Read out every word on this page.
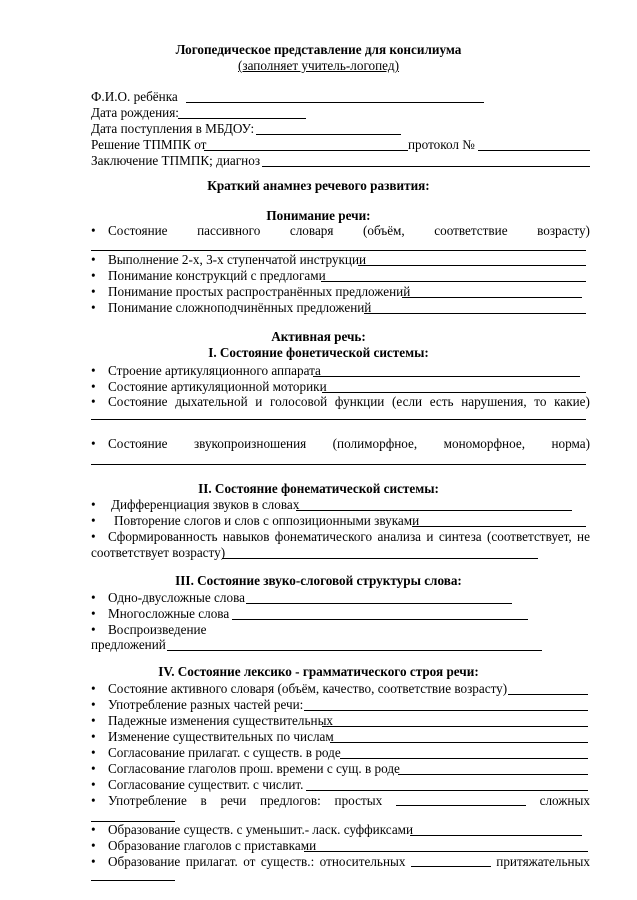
Логопедическое представление для консилиума
(заполняет учитель-логопед)
Ф.И.О. ребёнка
Дата рождения:
Дата поступления в МБДОУ:
Решение ТПМПК от	протокол №
Заключение ТПМПК; диагноз
Краткий анамнез речевого развития:
Понимание речи:
• Состояние пассивного словаря (объём, соответствие возрасту)
• Выполнение 2-х, 3-х ступенчатой инструкции
• Понимание конструкций с предлогами
• Понимание простых распространённых предложений
• Понимание сложноподчинённых предложений
Активная речь:
I. Состояние фонетической системы:
• Строение артикуляционного аппарата
• Состояние артикуляционной моторики
• Состояние дыхательной и голосовой функции (если есть нарушения, то какие)
• Состояние звукопроизношения (полиморфное, мономорфное, норма)
II. Состояние фонематической системы:
• Дифференциация звуков в словах
• Повторение слогов и слов с оппозиционными звуками
• Сформированность навыков фонематического анализа и синтеза (соответствует, не
соответствует возрасту)
III. Состояние звуко-слоговой структуры слова:
• Одно-двусложные слова
• Многосложные слова
• Воспроизведение
предложений
IV. Состояние лексико - грамматического строя речи:
• Состояние активного словаря (объём, качество, соответствие возрасту)
• Употребление разных частей речи:
• Падежные изменения существительных
• Изменение существительных по числам
• Согласование прилагат. с существ. в роде
• Согласование глаголов прош. времени с сущ. в роде
• Согласование существит. с числит.
• Употребление в речи предлогов: простых	сложных
• Образование существ. с уменьшит.- ласк. суффиксами
• Образование глаголов с приставками
• Образование прилагат. от существ.: относительных	притяжательных
